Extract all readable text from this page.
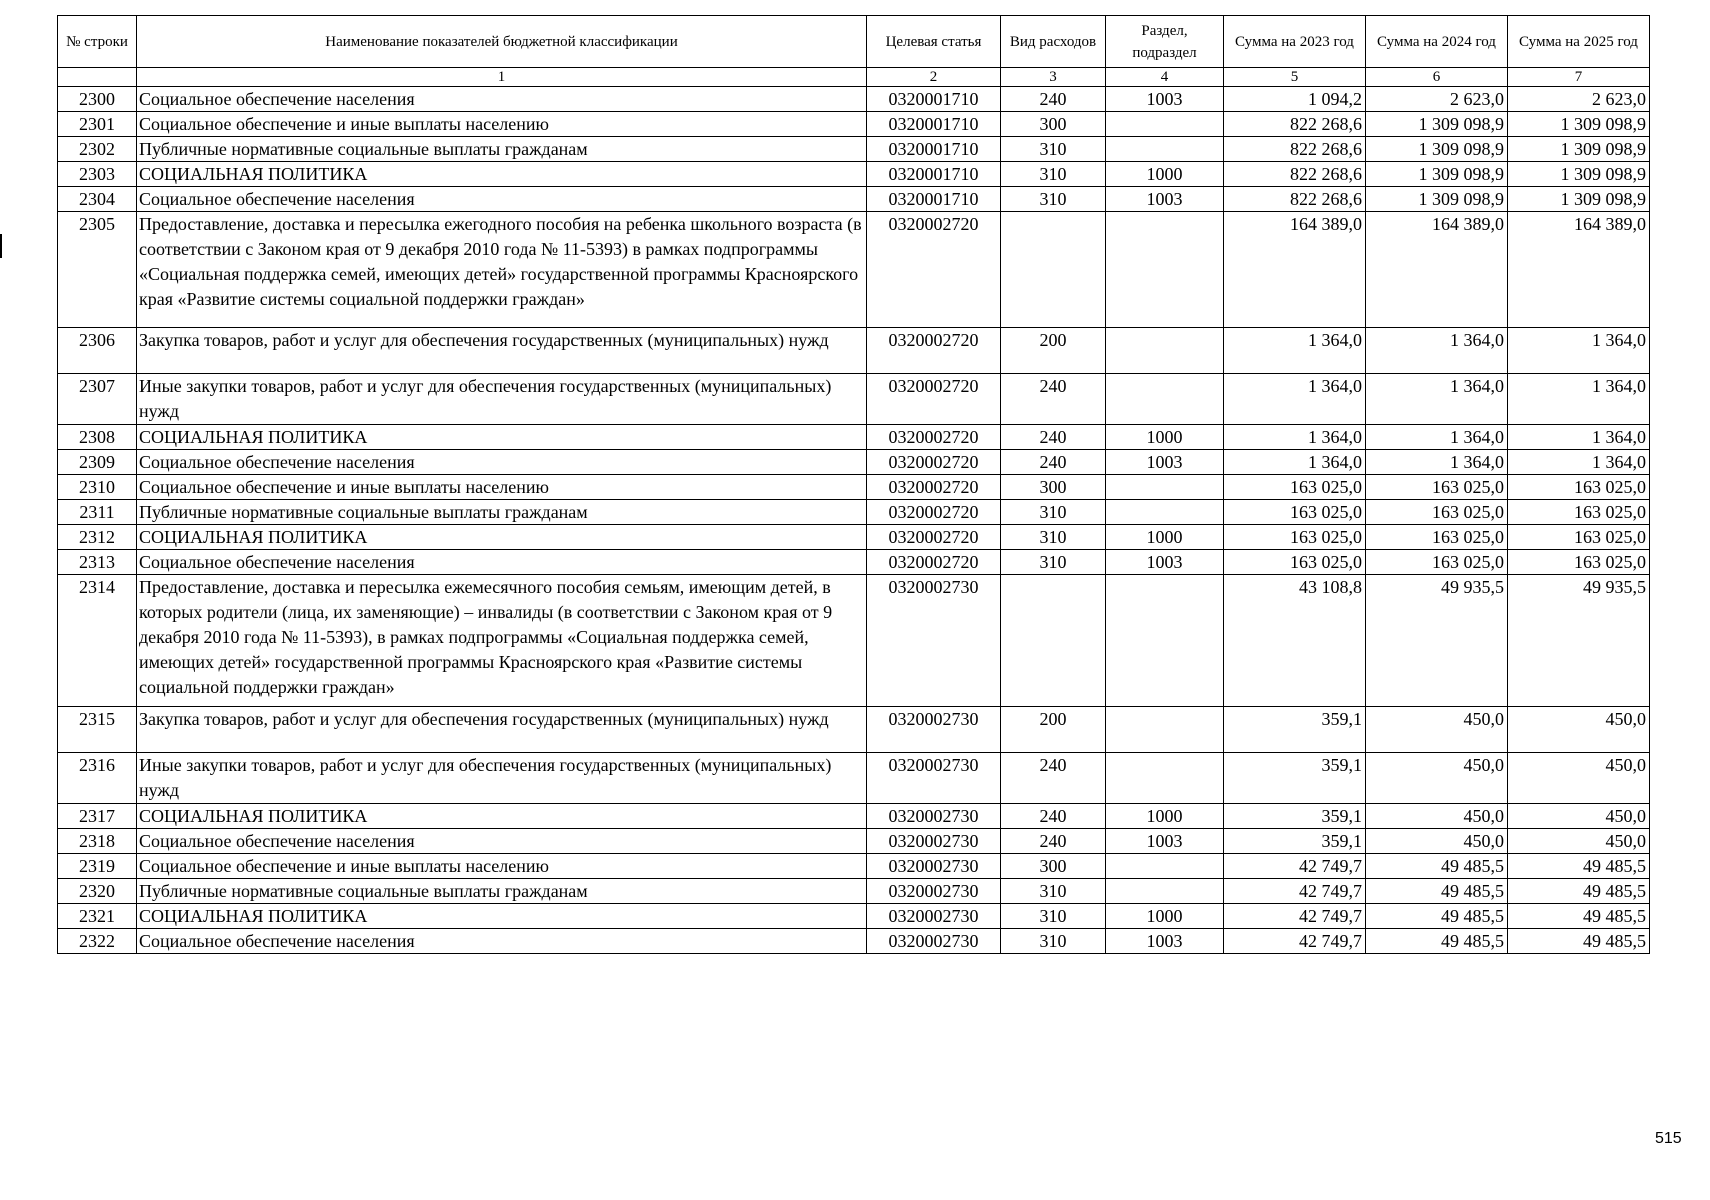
№ строки	Наименование показателей бюджетной классификации	Целевая статья	Вид расходов	Раздел, подраздел	Сумма на 2023 год	Сумма на 2024 год	Сумма на 2025 год
	1	2	3	4	5	6	7
2300	Социальное обеспечение населения	0320001710	240	1003	1 094,2	2 623,0	2 623,0
2301	Социальное обеспечение и иные выплаты населению	0320001710	300		822 268,6	1 309 098,9	1 309 098,9
2302	Публичные нормативные социальные выплаты гражданам	0320001710	310		822 268,6	1 309 098,9	1 309 098,9
2303	СОЦИАЛЬНАЯ ПОЛИТИКА	0320001710	310	1000	822 268,6	1 309 098,9	1 309 098,9
2304	Социальное обеспечение населения	0320001710	310	1003	822 268,6	1 309 098,9	1 309 098,9
2305	Предоставление, доставка и пересылка ежегодного пособия на ребенка школьного возраста (в соответствии с Законом края от 9 декабря 2010 года № 11-5393) в рамках подпрограммы «Социальная поддержка семей, имеющих детей» государственной программы Красноярского края «Развитие системы социальной поддержки граждан»	0320002720			164 389,0	164 389,0	164 389,0
2306	Закупка товаров, работ и услуг для обеспечения государственных (муниципальных) нужд	0320002720	200		1 364,0	1 364,0	1 364,0
2307	Иные закупки товаров, работ и услуг для обеспечения государственных (муниципальных) нужд	0320002720	240		1 364,0	1 364,0	1 364,0
2308	СОЦИАЛЬНАЯ ПОЛИТИКА	0320002720	240	1000	1 364,0	1 364,0	1 364,0
2309	Социальное обеспечение населения	0320002720	240	1003	1 364,0	1 364,0	1 364,0
2310	Социальное обеспечение и иные выплаты населению	0320002720	300		163 025,0	163 025,0	163 025,0
2311	Публичные нормативные социальные выплаты гражданам	0320002720	310		163 025,0	163 025,0	163 025,0
2312	СОЦИАЛЬНАЯ ПОЛИТИКА	0320002720	310	1000	163 025,0	163 025,0	163 025,0
2313	Социальное обеспечение населения	0320002720	310	1003	163 025,0	163 025,0	163 025,0
2314	Предоставление, доставка и пересылка ежемесячного пособия семьям, имеющим детей, в которых родители (лица, их заменяющие) – инвалиды (в соответствии с Законом края от 9 декабря 2010 года № 11-5393), в рамках подпрограммы «Социальная поддержка семей, имеющих детей» государственной программы Красноярского края «Развитие системы социальной поддержки граждан»	0320002730			43 108,8	49 935,5	49 935,5
2315	Закупка товаров, работ и услуг для обеспечения государственных (муниципальных) нужд	0320002730	200		359,1	450,0	450,0
2316	Иные закупки товаров, работ и услуг для обеспечения государственных (муниципальных) нужд	0320002730	240		359,1	450,0	450,0
2317	СОЦИАЛЬНАЯ ПОЛИТИКА	0320002730	240	1000	359,1	450,0	450,0
2318	Социальное обеспечение населения	0320002730	240	1003	359,1	450,0	450,0
2319	Социальное обеспечение и иные выплаты населению	0320002730	300		42 749,7	49 485,5	49 485,5
2320	Публичные нормативные социальные выплаты гражданам	0320002730	310		42 749,7	49 485,5	49 485,5
2321	СОЦИАЛЬНАЯ ПОЛИТИКА	0320002730	310	1000	42 749,7	49 485,5	49 485,5
2322	Социальное обеспечение населения	0320002730	310	1003	42 749,7	49 485,5	49 485,5
515
